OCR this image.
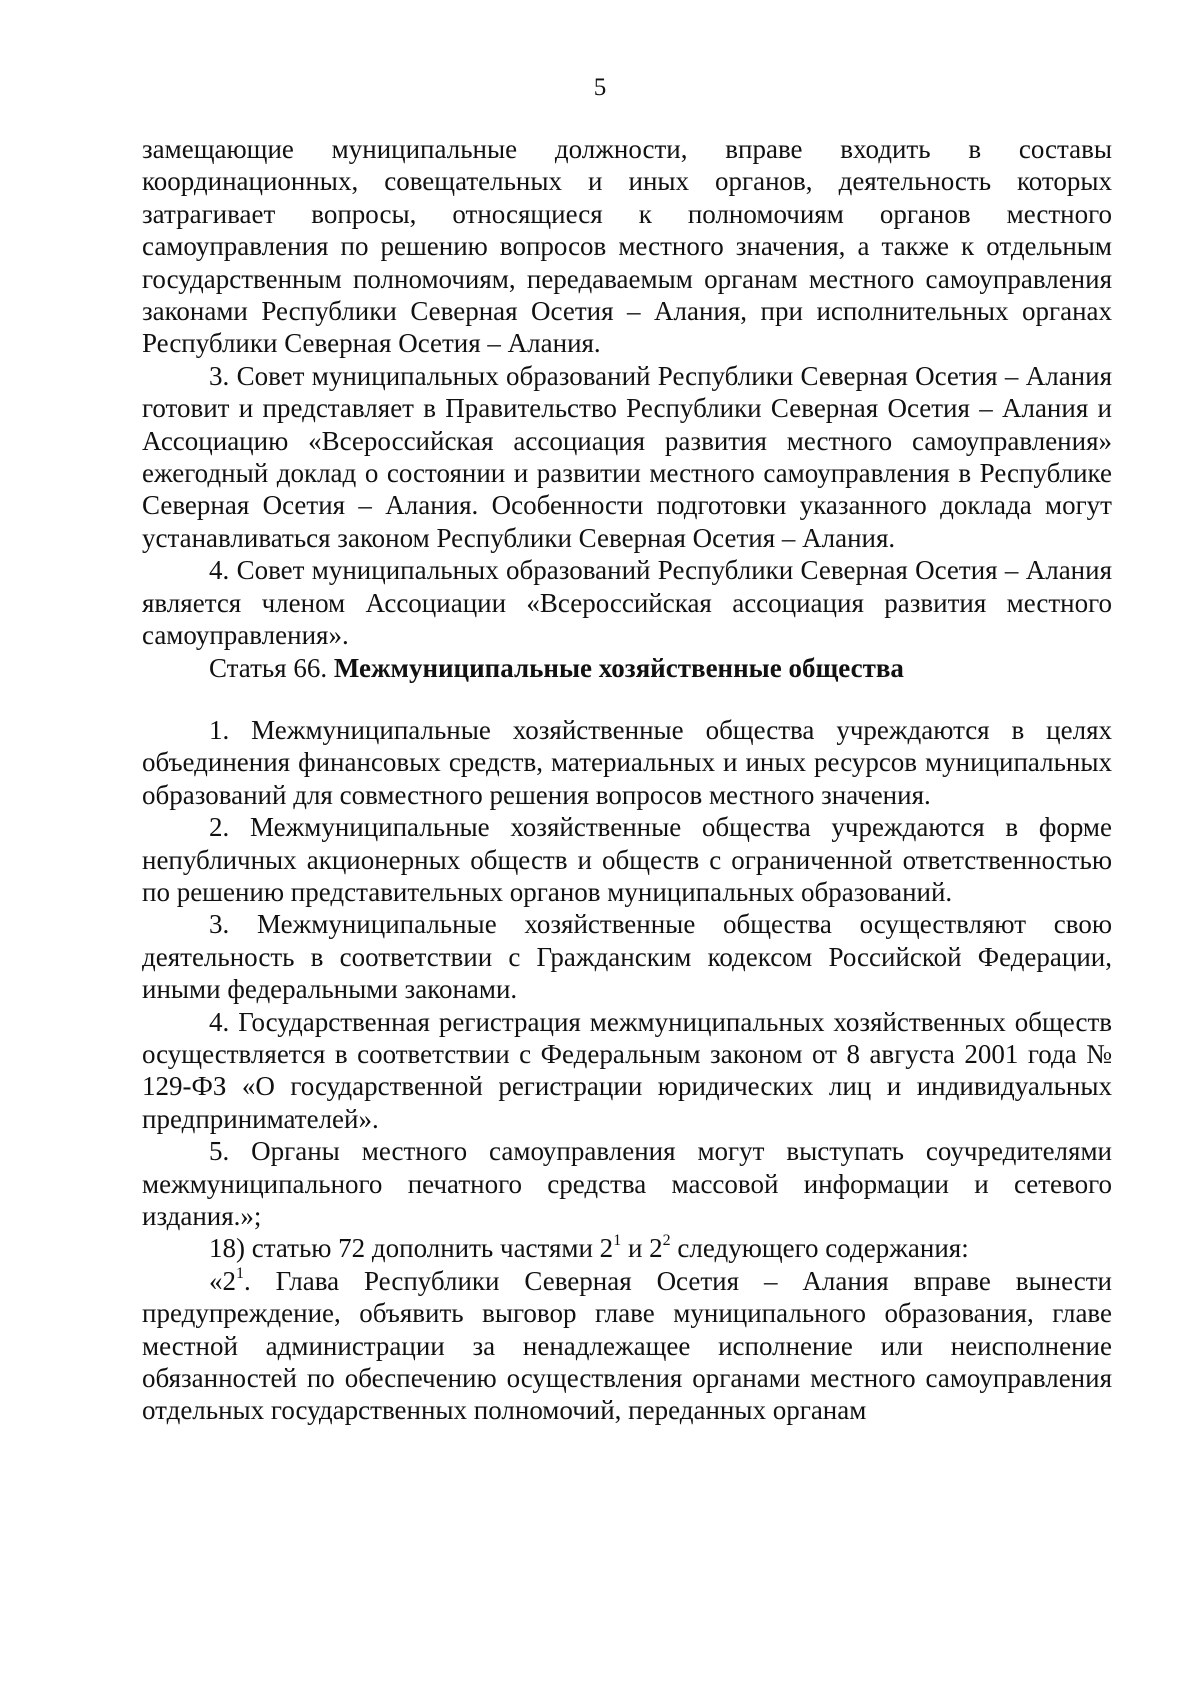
5

замещающие муниципальные должности, вправе входить в составы координационных, совещательных и иных органов, деятельность которых затрагивает вопросы, относящиеся к полномочиям органов местного самоуправления по решению вопросов местного значения, а также к отдельным государственным полномочиям, передаваемым органам местного самоуправления законами Республики Северная Осетия – Алания, при исполнительных органах Республики Северная Осетия – Алания.

3. Совет муниципальных образований Республики Северная Осетия – Алания готовит и представляет в Правительство Республики Северная Осетия – Алания и Ассоциацию «Всероссийская ассоциация развития местного самоуправления» ежегодный доклад о состоянии и развитии местного самоуправления в Республике Северная Осетия – Алания. Особенности подготовки указанного доклада могут устанавливаться законом Республики Северная Осетия – Алания.

4. Совет муниципальных образований Республики Северная Осетия – Алания является членом Ассоциации «Всероссийская ассоциация развития местного самоуправления».

Статья 66. Межмуниципальные хозяйственные общества

1. Межмуниципальные хозяйственные общества учреждаются в целях объединения финансовых средств, материальных и иных ресурсов муниципальных образований для совместного решения вопросов местного значения.

2. Межмуниципальные хозяйственные общества учреждаются в форме непубличных акционерных обществ и обществ с ограниченной ответственностью по решению представительных органов муниципальных образований.

3. Межмуниципальные хозяйственные общества осуществляют свою деятельность в соответствии с Гражданским кодексом Российской Федерации, иными федеральными законами.

4. Государственная регистрация межмуниципальных хозяйственных обществ осуществляется в соответствии с Федеральным законом от 8 августа 2001 года № 129-ФЗ «О государственной регистрации юридических лиц и индивидуальных предпринимателей».

5. Органы местного самоуправления могут выступать соучредителями межмуниципального печатного средства массовой информации и сетевого издания.»;

18) статью 72 дополнить частями $2^1$ и $2^2$ следующего содержания:

«$2^1$. Глава Республики Северная Осетия – Алания вправе вынести предупреждение, объявить выговор главе муниципального образования, главе местной администрации за ненадлежащее исполнение или неисполнение обязанностей по обеспечению осуществления органами местного самоуправления отдельных государственных полномочий, переданных органам
